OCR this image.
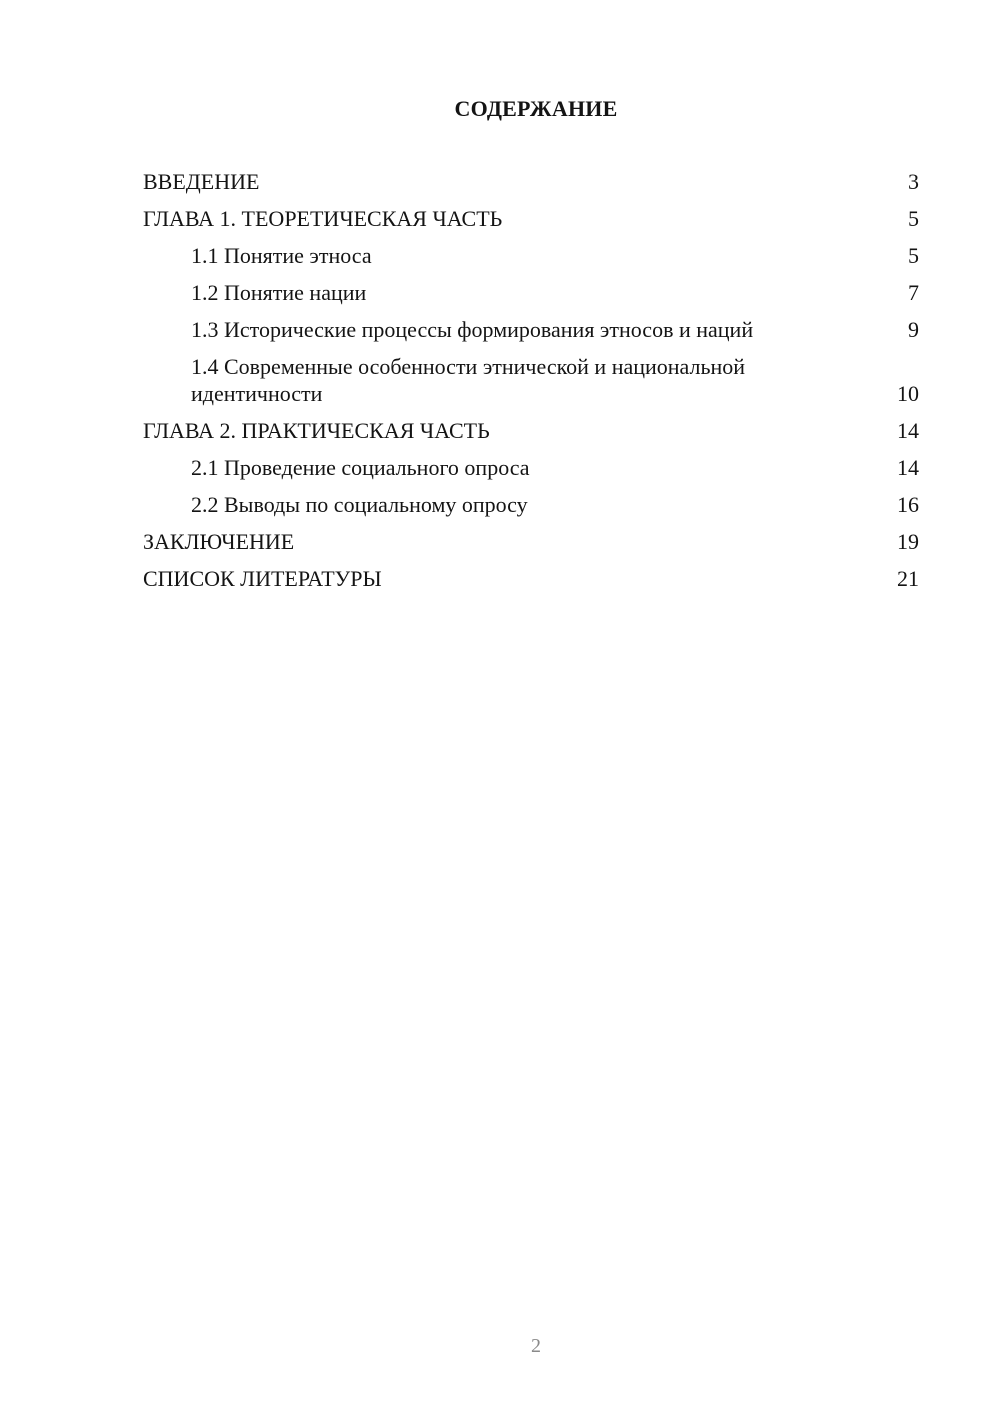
СОДЕРЖАНИЕ
ВВЕДЕНИЕ	3
ГЛАВА 1. ТЕОРЕТИЧЕСКАЯ ЧАСТЬ	5
1.1 Понятие этноса	5
1.2 Понятие нации	7
1.3 Исторические процессы формирования этносов и наций	9
1.4 Современные особенности этнической и национальной идентичности	10
ГЛАВА 2. ПРАКТИЧЕСКАЯ ЧАСТЬ	14
2.1 Проведение социального опроса	14
2.2 Выводы по социальному опросу	16
ЗАКЛЮЧЕНИЕ	19
СПИСОК ЛИТЕРАТУРЫ	21
2
